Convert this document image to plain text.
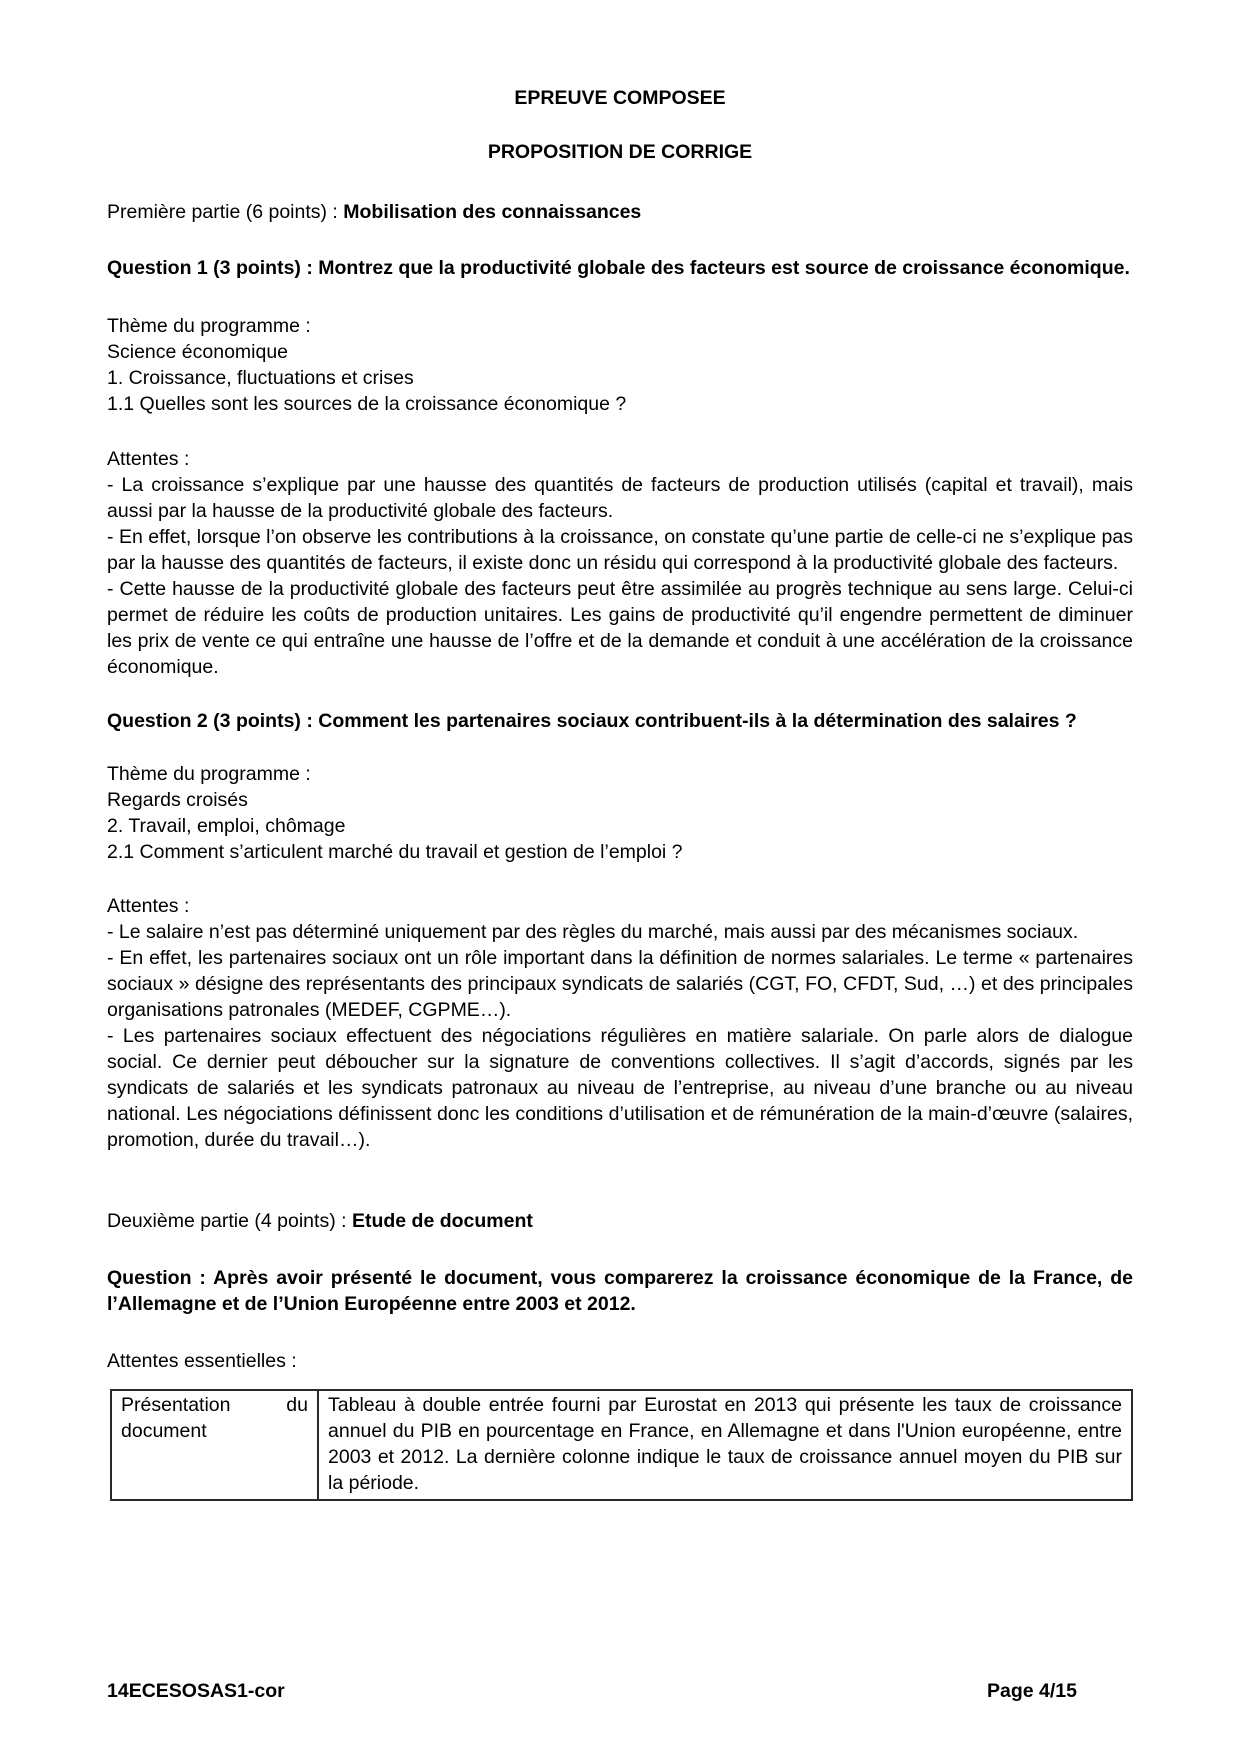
EPREUVE COMPOSEE

PROPOSITION DE CORRIGE

Première partie (6 points) : Mobilisation des connaissances

Question 1 (3 points) : Montrez que la productivité globale des facteurs est source de croissance économique.

Thème du programme :

Science économique

1. Croissance, fluctuations et crises

1.1 Quelles sont les sources de la croissance économique ?

Attentes :

- La croissance s’explique par une hausse des quantités de facteurs de production utilisés (capital et travail), mais aussi par la hausse de la productivité globale des facteurs.

- En effet, lorsque l’on observe les contributions à la croissance, on constate qu’une partie de celle-ci ne s’explique pas par la hausse des quantités de facteurs, il existe donc un résidu qui correspond à la productivité globale des facteurs.

- Cette hausse de la productivité globale des facteurs peut être assimilée au progrès technique au sens large. Celui-ci permet de réduire les coûts de production unitaires. Les gains de productivité qu’il engendre permettent de diminuer les prix de vente ce qui entraîne une hausse de l’offre et de la demande et conduit à une accélération de la croissance économique.

Question 2 (3 points) : Comment les partenaires sociaux contribuent-ils à la détermination des salaires ?

Thème du programme :

Regards croisés

2. Travail, emploi, chômage

2.1 Comment s’articulent marché du travail et gestion de l’emploi ?

Attentes :

- Le salaire n’est pas déterminé uniquement par des règles du marché, mais aussi par des mécanismes sociaux.

- En effet, les partenaires sociaux ont un rôle important dans la définition de normes salariales. Le terme « partenaires sociaux » désigne des représentants des principaux syndicats de salariés (CGT, FO, CFDT, Sud, …) et des principales organisations patronales (MEDEF, CGPME…).

- Les partenaires sociaux effectuent des négociations régulières en matière salariale. On parle alors de dialogue social. Ce dernier peut déboucher sur la signature de conventions collectives. Il s’agit d’accords, signés par les syndicats de salariés et les syndicats patronaux au niveau de l’entreprise, au niveau d’une branche ou au niveau national. Les négociations définissent donc les conditions d’utilisation et de rémunération de la main-d’œuvre (salaires, promotion, durée du travail…).

Deuxième partie (4 points) : Etude de document

Question : Après avoir présenté le document, vous comparerez la croissance économique de la France, de l’Allemagne et de l’Union Européenne entre 2003 et 2012.

Attentes essentielles :

Présentation du document	Tableau à double entrée fourni par Eurostat en 2013 qui présente les taux de croissance annuel du PIB en pourcentage en France, en Allemagne et dans l'Union européenne, entre 2003 et 2012. La dernière colonne indique le taux de croissance annuel moyen du PIB sur la période.
Page 4/15
14ECESOSAS1-cor
